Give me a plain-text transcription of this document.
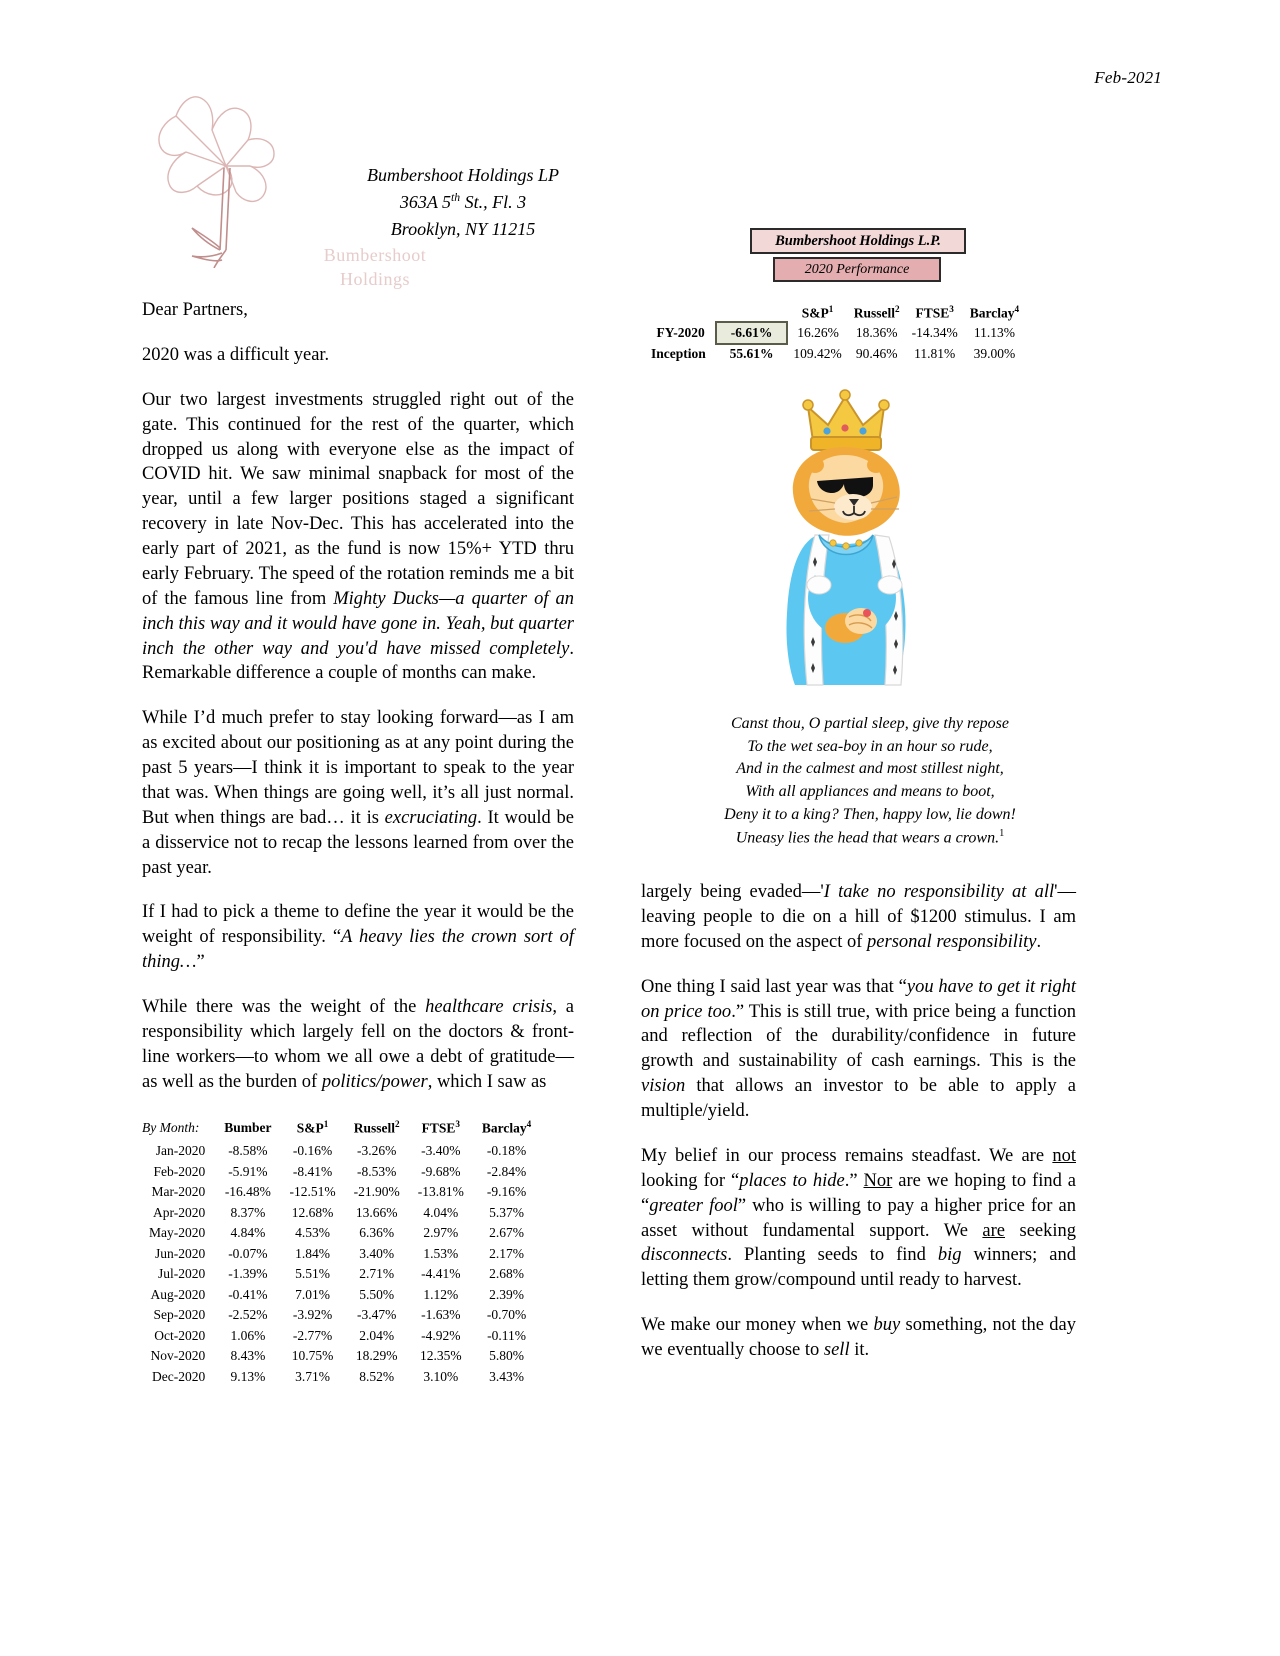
Feb-2021
Bumbershoot
Holdings
Bumbershoot Holdings LP
363A 5th St., Fl. 3
Brooklyn, NY 11215
Bumbershoot Holdings L.P.
2020 Performance
		S&P$^1$	Russell$^2$	FTSE$^3$	Barclay$^4$
FY-2020	-6.61%	16.26%	18.36%	-14.34%	11.13%
Inception	55.61%	109.42%	90.46%	11.81%	39.00%
Canst thou, O partial sleep, give thy repose
To the wet sea-boy in an hour so rude,
And in the calmest and most stillest night,
With all appliances and means to boot,
Deny it to a king? Then, happy low, lie down!
Uneasy lies the head that wears a crown.$^1$

Dear Partners,

2020 was a difficult year.

Our two largest investments struggled right out of the gate. This continued for the rest of the quarter, which dropped us along with everyone else as the impact of COVID hit. We saw minimal snapback for most of the year, until a few larger positions staged a significant recovery in late Nov-Dec. This has accelerated into the early part of 2021, as the fund is now 15%+ YTD thru early February. The speed of the rotation reminds me a bit of the famous line from Mighty Ducks—a quarter of an inch this way and it would have gone in. Yeah, but quarter inch the other way and you'd have missed completely. Remarkable difference a couple of months can make.

While I’d much prefer to stay looking forward—as I am as excited about our positioning as at any point during the past 5 years—I think it is important to speak to the year that was. When things are going well, it’s all just normal. But when things are bad… it is excruciating. It would be a disservice not to recap the lessons learned from over the past year.

If I had to pick a theme to define the year it would be the weight of responsibility. “A heavy lies the crown sort of thing…”

While there was the weight of the healthcare crisis, a responsibility which largely fell on the doctors & front-line workers—to whom we all owe a debt of gratitude—as well as the burden of politics/power, which I saw as

largely being evaded—'I take no responsibility at all'—leaving people to die on a hill of $1200 stimulus. I am more focused on the aspect of personal responsibility.

One thing I said last year was that “you have to get it right on price too.” This is still true, with price being a function and reflection of the durability/confidence in future growth and sustainability of cash earnings. This is the vision that allows an investor to be able to apply a multiple/yield.

My belief in our process remains steadfast. We are not looking for “places to hide.” Nor are we hoping to find a “greater fool” who is willing to pay a higher price for an asset without fundamental support. We are seeking disconnects. Planting seeds to find big winners; and letting them grow/compound until ready to harvest.

We make our money when we buy something, not the day we eventually choose to sell it.

By Month:	Bumber	S&P$^1$	Russell$^2$	FTSE$^3$	Barclay$^4$
Jan-2020	-8.58%	-0.16%	-3.26%	-3.40%	-0.18%
Feb-2020	-5.91%	-8.41%	-8.53%	-9.68%	-2.84%
Mar-2020	-16.48%	-12.51%	-21.90%	-13.81%	-9.16%
Apr-2020	8.37%	12.68%	13.66%	4.04%	5.37%
May-2020	4.84%	4.53%	6.36%	2.97%	2.67%
Jun-2020	-0.07%	1.84%	3.40%	1.53%	2.17%
Jul-2020	-1.39%	5.51%	2.71%	-4.41%	2.68%
Aug-2020	-0.41%	7.01%	5.50%	1.12%	2.39%
Sep-2020	-2.52%	-3.92%	-3.47%	-1.63%	-0.70%
Oct-2020	1.06%	-2.77%	2.04%	-4.92%	-0.11%
Nov-2020	8.43%	10.75%	18.29%	12.35%	5.80%
Dec-2020	9.13%	3.71%	8.52%	3.10%	3.43%
